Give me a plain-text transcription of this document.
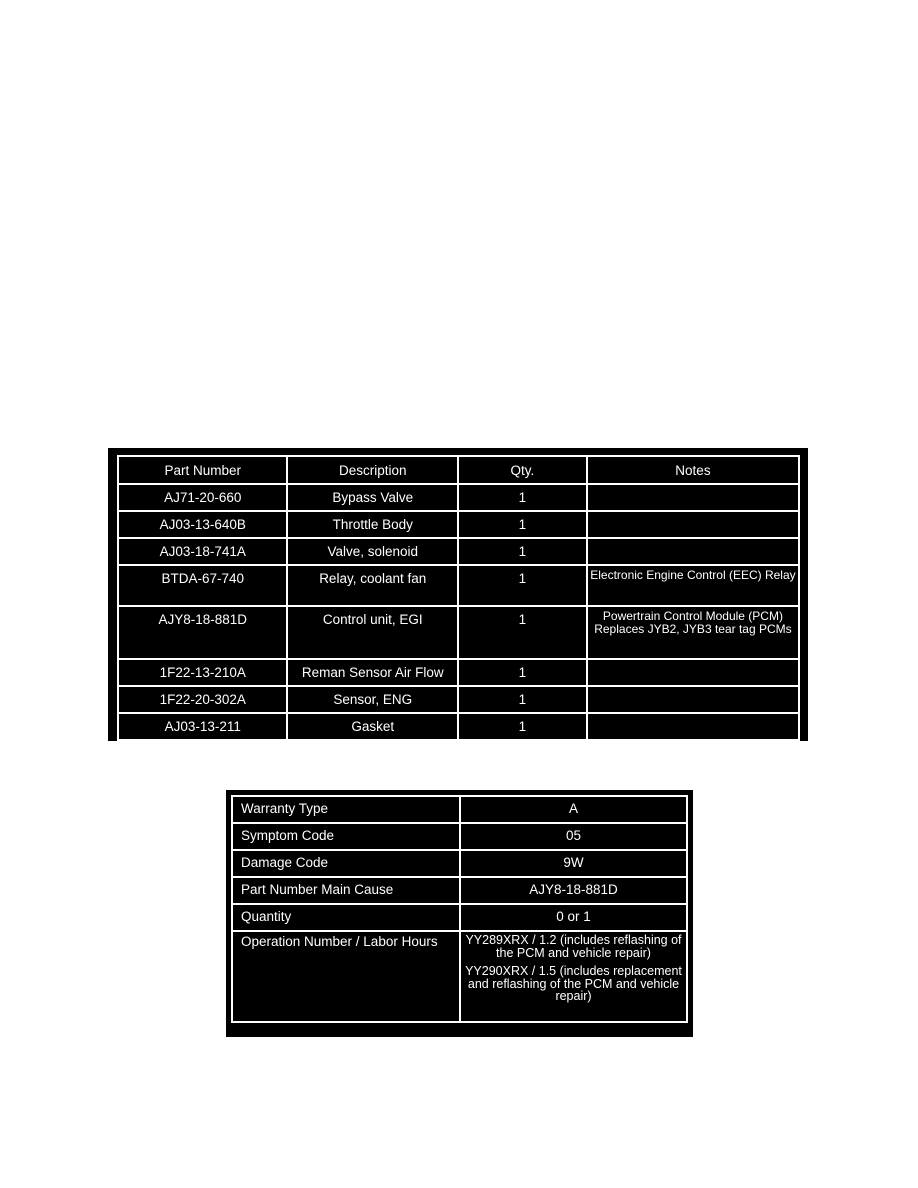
Part Number	Description	Qty.	Notes
AJ71-20-660	Bypass Valve	1	
AJ03-13-640B	Throttle Body	1	
AJ03-18-741A	Valve, solenoid	1	
BTDA-67-740	Relay, coolant fan	1	Electronic Engine Control (EEC) Relay
AJY8-18-881D	Control unit, EGI	1	Powertrain Control Module (PCM) Replaces JYB2, JYB3 tear tag PCMs
1F22-13-210A	Reman Sensor Air Flow	1	
1F22-20-302A	Sensor, ENG	1	
AJ03-13-211	Gasket	1	
Warranty Type	A
Symptom Code	05
Damage Code	9W
Part Number Main Cause	AJY8-18-881D
Quantity	0 or 1
Operation Number / Labor Hours	YY289XRX / 1.2 (includes reflashing of the PCM and vehicle repair)
YY290XRX / 1.5 (includes replacement and reflashing of the PCM and vehicle repair)
